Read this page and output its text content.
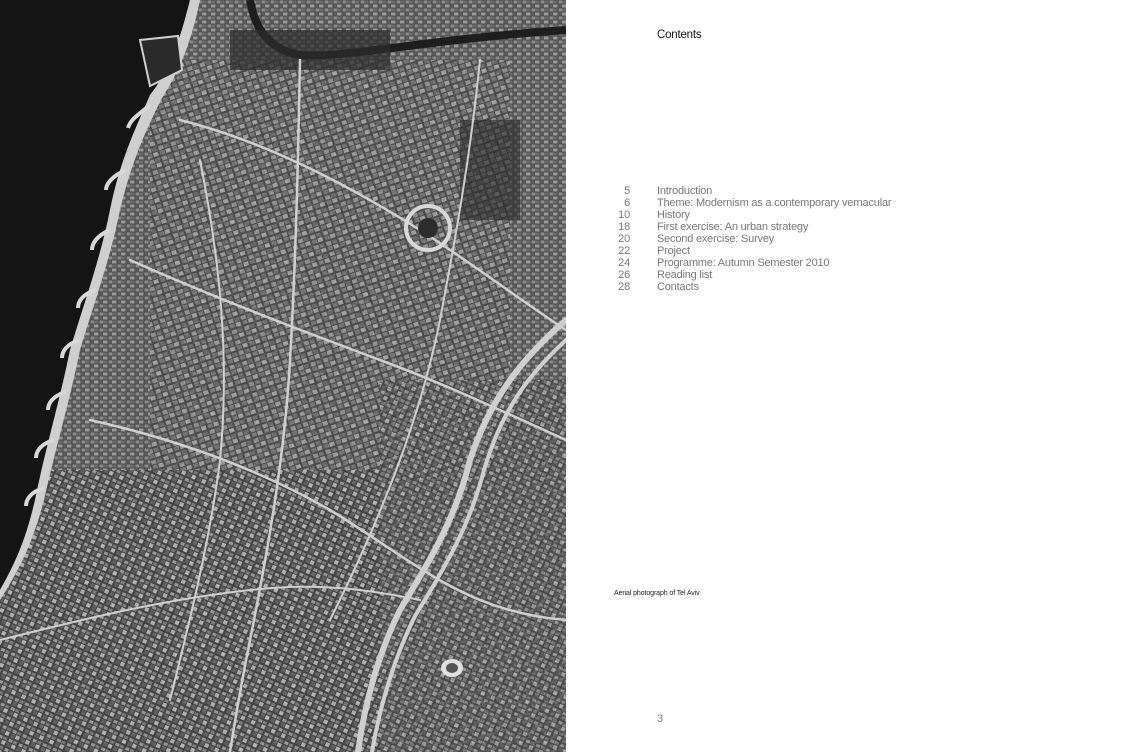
Contents
5 Introduction
6 Theme: Modernism as a contemporary vernacular
10 History
18 First exercise: An urban strategy
20 Second exercise: Survey
22 Project
24 Programme: Autumn Semester 2010
26 Reading list
28 Contacts
Aerial photograph of Tel Aviv
3
